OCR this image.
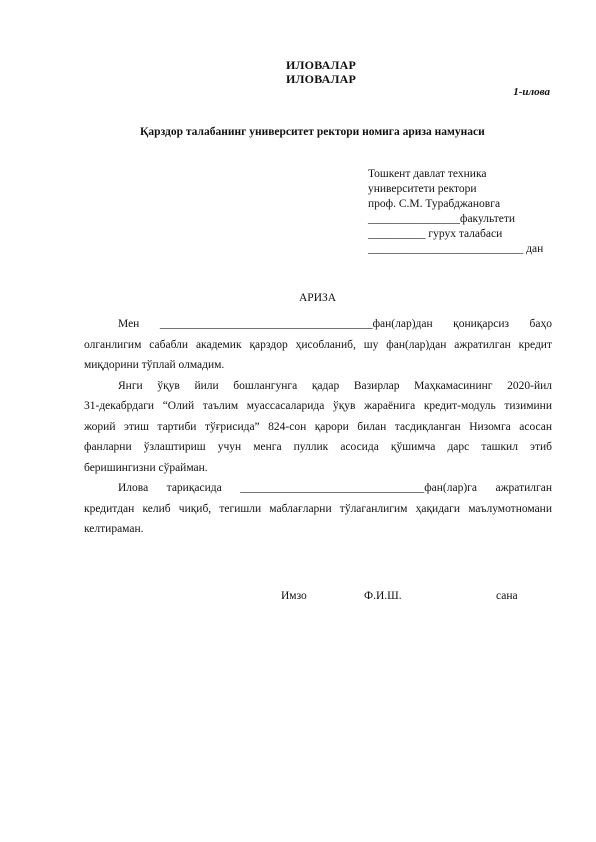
ИЛОВАЛАР
ИЛОВАЛАР
1-илова
Қарздор талабанинг университет ректори номига ариза намунаси
Тошкент давлат техника
университети ректори
проф. С.М. Турабджановга
________________факультети
__________ гурух талабаси
___________________________ дан
АРИЗА
Мен _____________________________________фан(лар)дан қониқарсиз баҳо
олганлигим сабабли академик қарздор ҳисобланиб, шу фан(лар)дан ажратилган кредит
миқдорини тўплай олмадим.
Янги ўқув йили бошлангунга қадар Вазирлар Маҳкамасининг 2020-йил
31-декабрдаги “Олий таълим муассасаларида ўқув жараёнига кредит-модуль тизимини
жорий этиш тартиби тўғрисида” 824-сон қарори билан тасдиқланган Низомга асосан
фанларни ўзлаштириш учун менга пуллик асосида қўшимча дарс ташкил этиб
беришингизни сўрайман.
Илова тариқасида ________________________________фан(лар)га ажратилган
кредитдан келиб чиқиб, тегишли маблағларни тўлаганлигим ҳақидаги маълумотномани
келтираман.
Имзо	Ф.И.Ш.	сана
